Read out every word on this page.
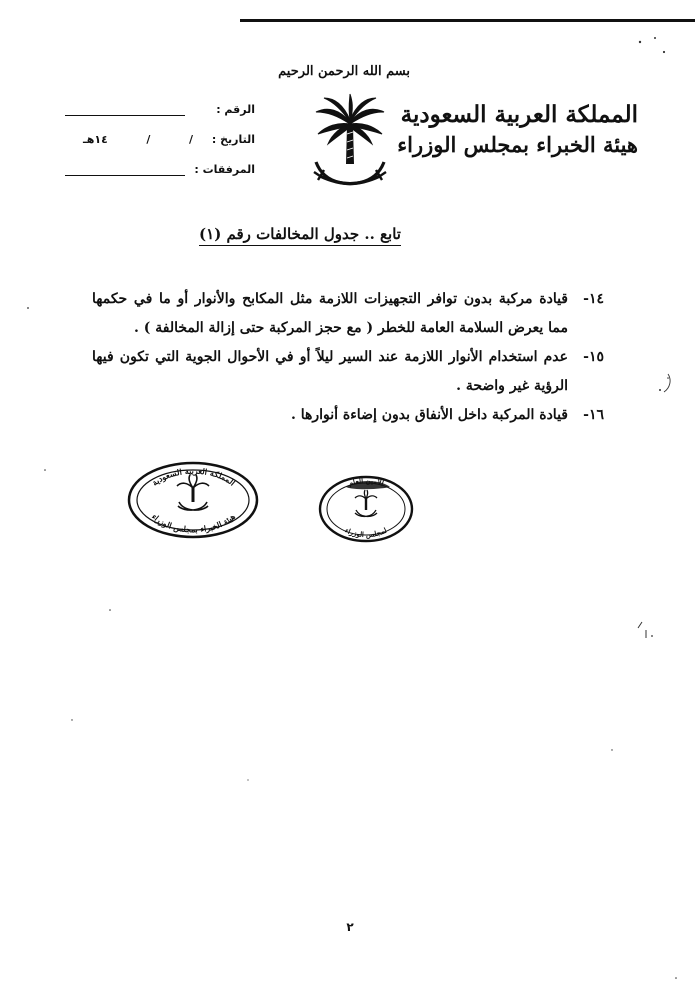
المملكة العربية السعودية
هيئة الخبراء بمجلس الوزراء
بسم الله الرحمن الرحيم
الرقم :
التاريخ :
/
/
١٤هـ
المرفقات :
تابع .. جدول المخالفات رقم (١)
١٤-
قيادة مركبة بدون توافر التجهيزات اللازمة مثل المكابح والأنوار أو ما في حكمها مما يعرض السلامة العامة للخطر ( مع حجز المركبة حتى إزالة المخالفة ) .
١٥-
عدم استخدام الأنوار اللازمة عند السير ليلاً أو في الأحوال الجوية التي تكون فيها الرؤية غير واضحة .
١٦-
قيادة المركبة داخل الأنفاق بدون إضاءة أنوارها .
المملكة العربية السعودية
هيئة الخبراء بمجلس الوزراء
الأمين العام
لمجلس الوزراء
٢
